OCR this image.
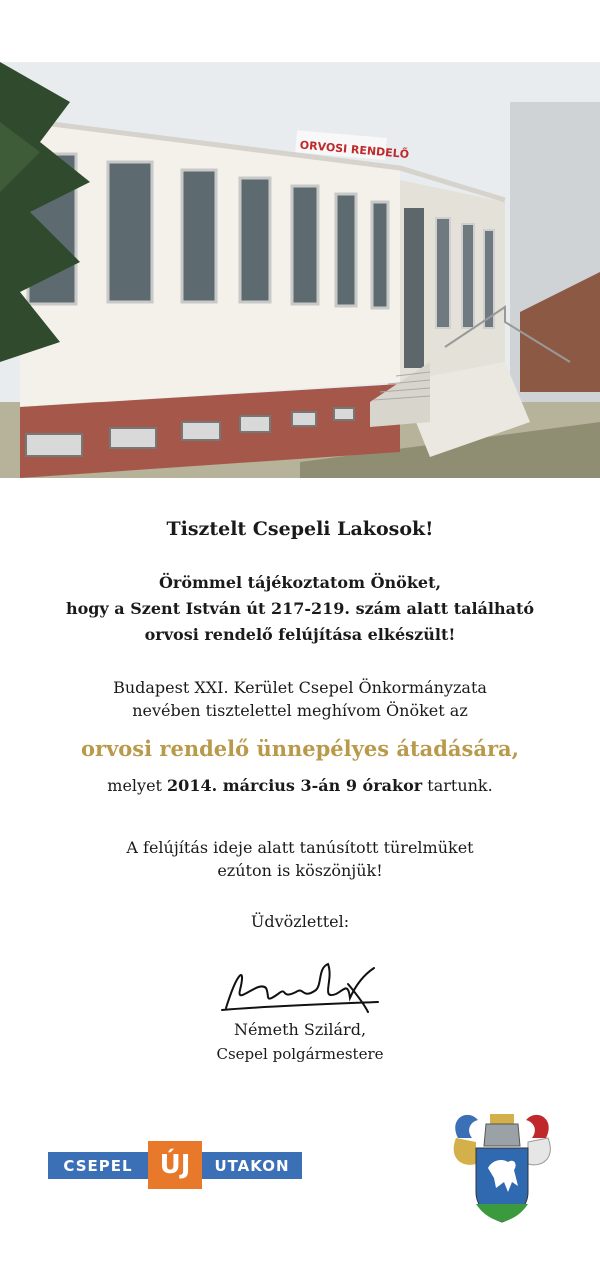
ORVOSI RENDELŐ
Tisztelt Csepeli Lakosok!
Örömmel tájékoztatom Önöket,
hogy a Szent István út 217-219. szám alatt található
orvosi rendelő felújítása elkészült!
Budapest XXI. Kerület Csepel Önkormányzata
nevében tisztelettel meghívom Önöket az
orvosi rendelő ünnepélyes átadására,
melyet 2014. március 3-án 9 órakor tartunk.
A felújítás ideje alatt tanúsított türelmüket
ezúton is köszönjük!
Üdvözlettel:
Németh Szilárd,
Csepel polgármestere
CSEPEL	ÚJ	UTAKON
